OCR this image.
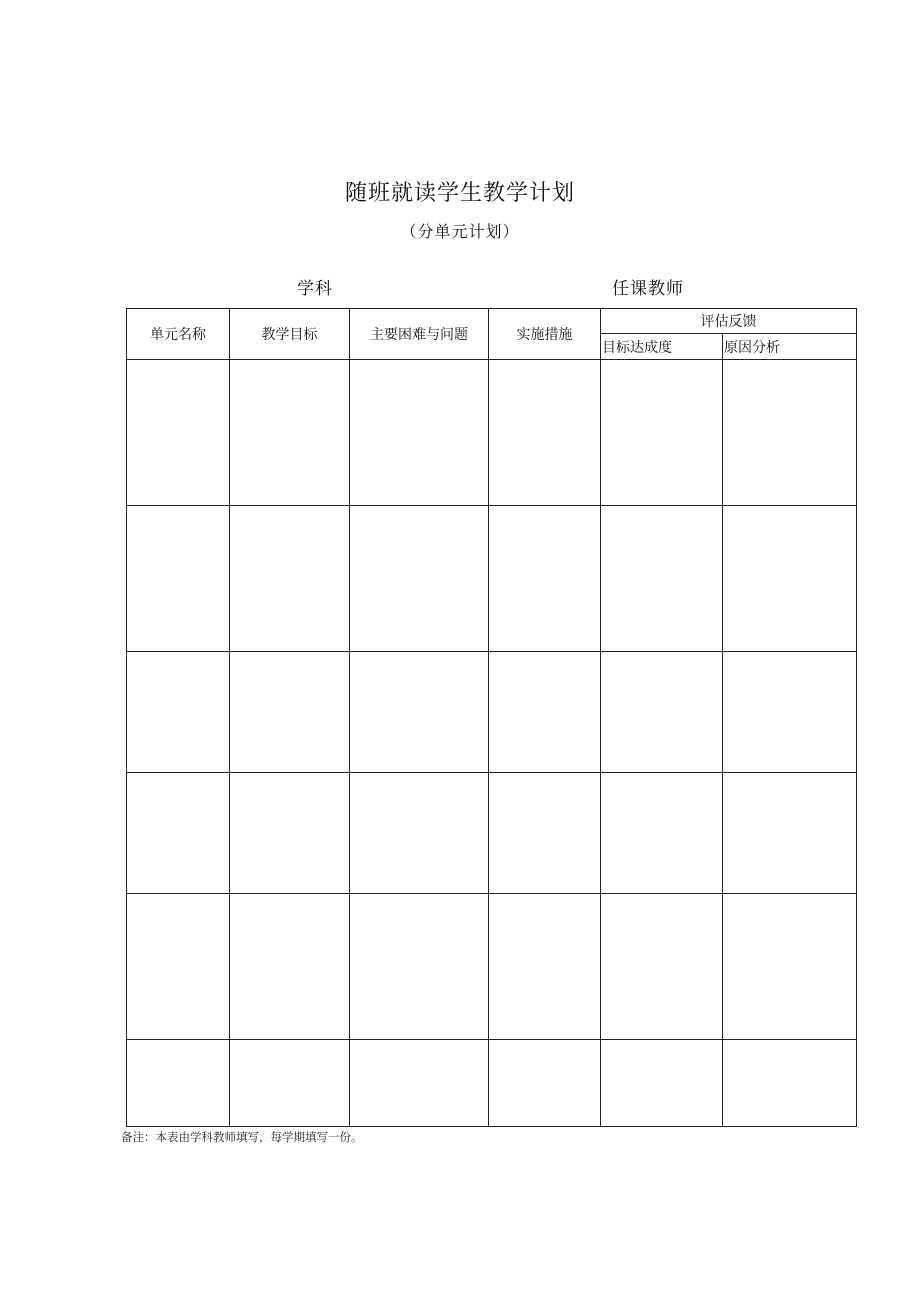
随班就读学生教学计划
（分单元计划）
学科	任课教师
单元名称	教学目标	主要困难与问题	实施措施	评估反馈	
				目标达成度	原因分析

备注：本表由学科教师填写，每学期填写一份。
